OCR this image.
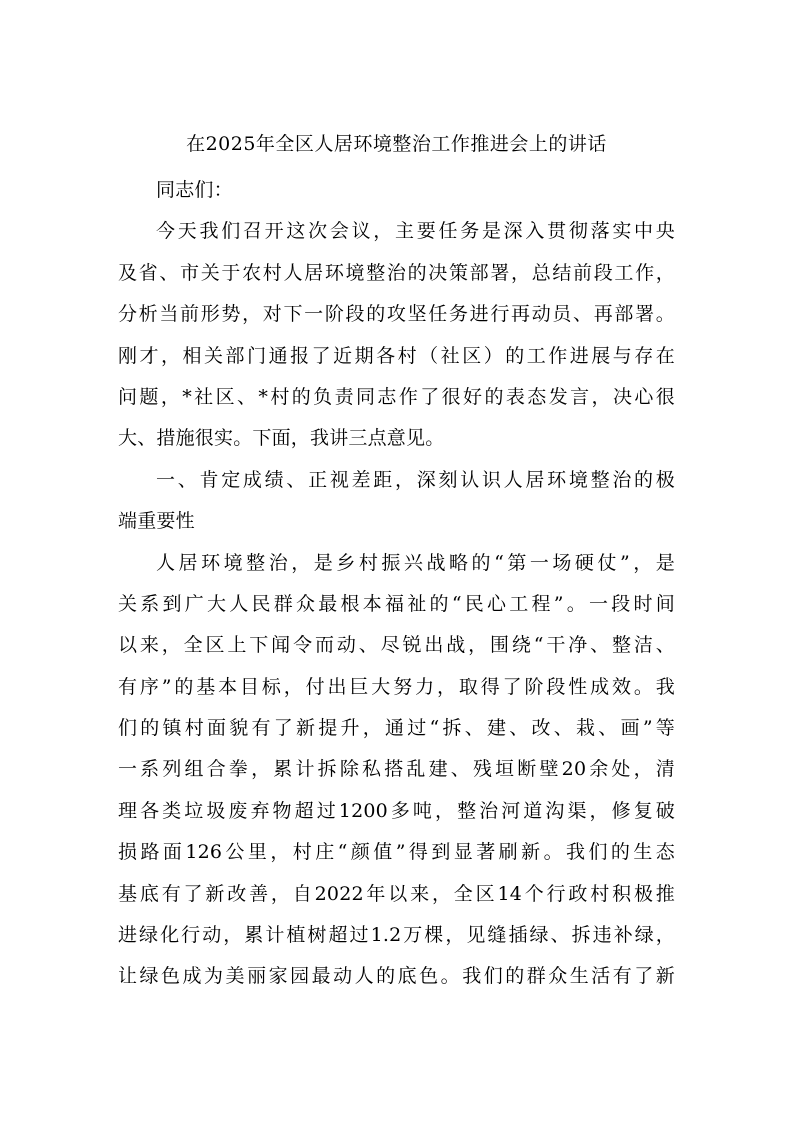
在2025年全区人居环境整治工作推进会上的讲话
同志们：
今天我们召开这次会议，主要任务是深入贯彻落实中央
及省、市关于农村人居环境整治的决策部署，总结前段工作，
分析当前形势，对下一阶段的攻坚任务进行再动员、再部署。
刚才，相关部门通报了近期各村（社区）的工作进展与存在
问题，*社区、*村的负责同志作了很好的表态发言，决心很
大、措施很实。下面，我讲三点意见。
一、肯定成绩、正视差距，深刻认识人居环境整治的极
端重要性
人居环境整治，是乡村振兴战略的“第一场硬仗”，是
关系到广大人民群众最根本福祉的“民心工程”。一段时间
以来，全区上下闻令而动、尽锐出战，围绕“干净、整洁、
有序”的基本目标，付出巨大努力，取得了阶段性成效。我
们的镇村面貌有了新提升，通过“拆、建、改、栽、画”等
一系列组合拳，累计拆除私搭乱建、残垣断壁20余处，清
理各类垃圾废弃物超过1200多吨，整治河道沟渠，修复破
损路面126公里，村庄“颜值”得到显著刷新。我们的生态
基底有了新改善，自2022年以来，全区14个行政村积极推
进绿化行动，累计植树超过1.2万棵，见缝插绿、拆违补绿，
让绿色成为美丽家园最动人的底色。我们的群众生活有了新
